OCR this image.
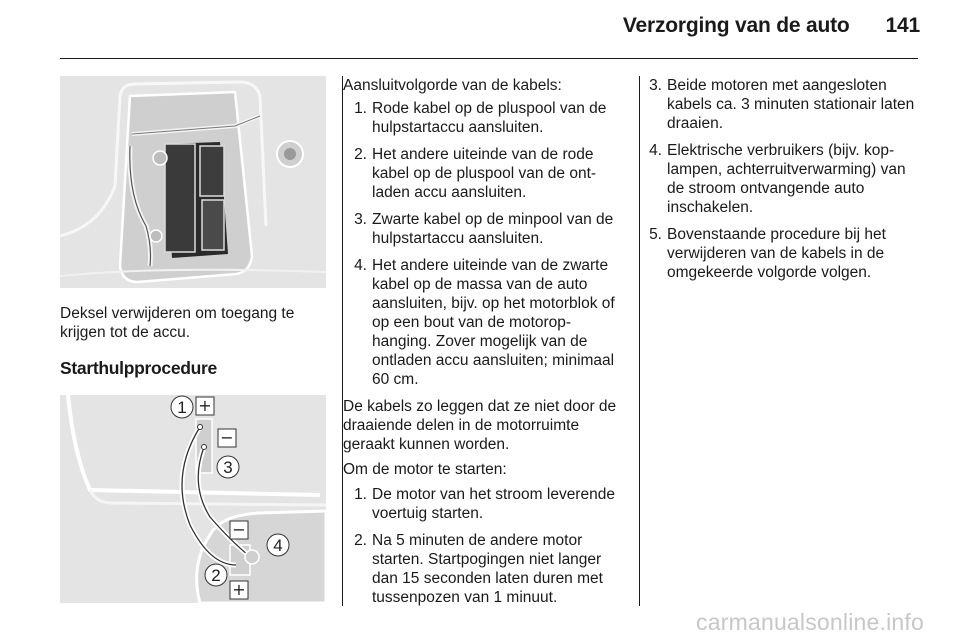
Verzorging van de auto 141
Deksel verwijderen om toegang te krijgen tot de accu.
Starthulpprocedure
+
−
−
+
1
3
4
2
Aansluitvolgorde van de kabels:
1. Rode kabel op de pluspool van de hulpstartaccu aansluiten.
2. Het andere uiteinde van de rode kabel op de pluspool van de ontladen accu aansluiten.
3. Zwarte kabel op de minpool van de hulpstartaccu aansluiten.
4. Het andere uiteinde van de zwarte kabel op de massa van de auto aansluiten, bijv. op het motorblok of op een bout van de motorophanging. Zover mogelijk van de ontladen accu aansluiten; minimaal 60 cm.

De kabels zo leggen dat ze niet door de draaiende delen in de motorruimte geraakt kunnen worden.

Om de motor te starten:

1. De motor van het stroom leverende voertuig starten.
2. Na 5 minuten de andere motor starten. Startpogingen niet langer dan 15 seconden laten duren met tussenpozen van 1 minuut.
3. Beide motoren met aangesloten kabels ca. 3 minuten stationair laten draaien.
4. Elektrische verbruikers (bijv. koplampen, achterruitverwarming) van de stroom ontvangende auto inschakelen.
5. Bovenstaande procedure bij het verwijderen van de kabels in de omgekeerde volgorde volgen.
carmanualsonline.info
